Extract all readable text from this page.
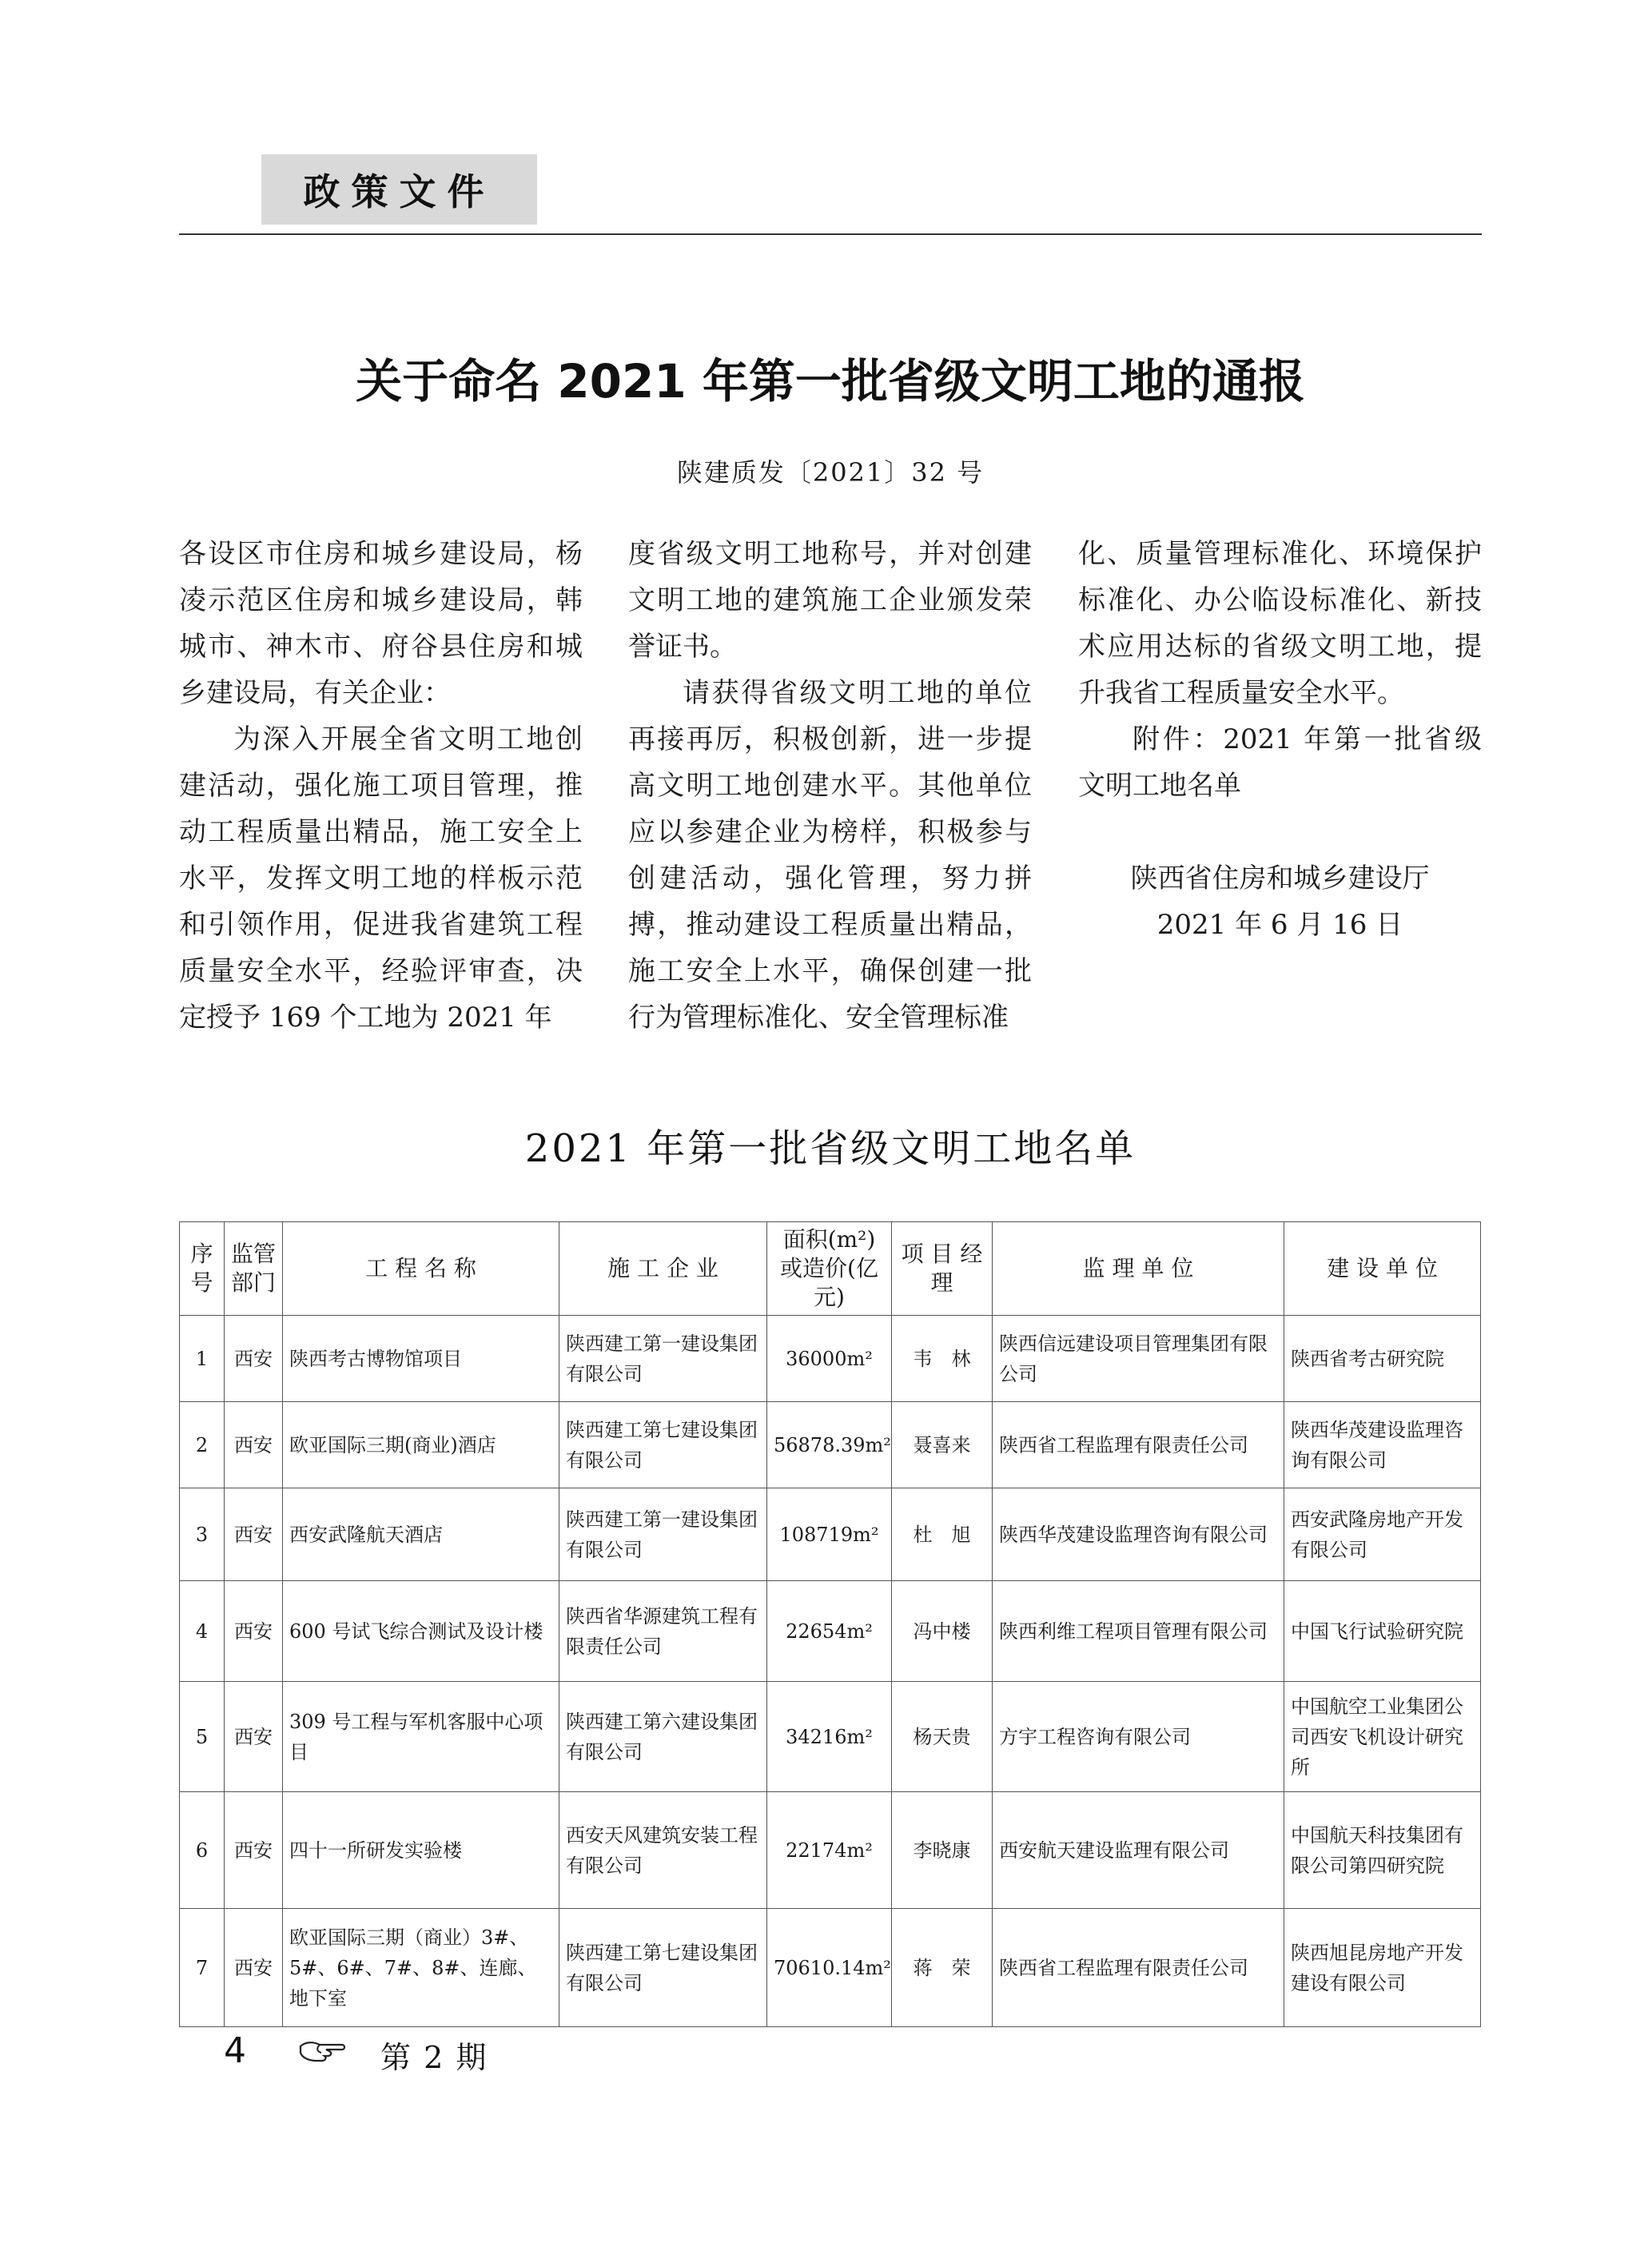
政策文件
关于命名 2021 年第一批省级文明工地的通报
陕建质发〔2021〕32 号

各设区市住房和城乡建设局，杨凌示范区住房和城乡建设局，韩城市、神木市、府谷县住房和城乡建设局，有关企业：

为深入开展全省文明工地创建活动，强化施工项目管理，推动工程质量出精品，施工安全上水平，发挥文明工地的样板示范和引领作用，促进我省建筑工程质量安全水平，经验评审查，决定授予 169 个工地为 2021 年

度省级文明工地称号，并对创建文明工地的建筑施工企业颁发荣誉证书。

请获得省级文明工地的单位再接再厉，积极创新，进一步提高文明工地创建水平。其他单位应以参建企业为榜样，积极参与创建活动，强化管理，努力拼搏，推动建设工程质量出精品，施工安全上水平，确保创建一批行为管理标准化、安全管理标准

化、质量管理标准化、环境保护标准化、办公临设标准化、新技术应用达标的省级文明工地，提升我省工程质量安全水平。

附件：2021 年第一批省级文明工地名单

陕西省住房和城乡建设厅

2021 年 6 月 16 日

2021 年第一批省级文明工地名单
序号	监管部门	工 程 名 称	施 工 企 业	面积(m²)或造价(亿元)	项 目 经 理	监 理 单 位	建 设 单 位
1	西安	陕西考古博物馆项目	陕西建工第一建设集团有限公司	36000m²	韦　林	陕西信远建设项目管理集团有限公司	陕西省考古研究院
2	西安	欧亚国际三期(商业)酒店	陕西建工第七建设集团有限公司	56878.39m²	聂喜来	陕西省工程监理有限责任公司	陕西华茂建设监理咨询有限公司
3	西安	西安武隆航天酒店	陕西建工第一建设集团有限公司	108719m²	杜　旭	陕西华茂建设监理咨询有限公司	西安武隆房地产开发有限公司
4	西安	600 号试飞综合测试及设计楼	陕西省华源建筑工程有限责任公司	22654m²	冯中楼	陕西利维工程项目管理有限公司	中国飞行试验研究院
5	西安	309 号工程与军机客服中心项目	陕西建工第六建设集团有限公司	34216m²	杨天贵	方宇工程咨询有限公司	中国航空工业集团公司西安飞机设计研究所
6	西安	四十一所研发实验楼	西安天风建筑安装工程有限公司	22174m²	李晓康	西安航天建设监理有限公司	中国航天科技集团有限公司第四研究院
7	西安	欧亚国际三期（商业）3#、5#、6#、7#、8#、连廊、地下室	陕西建工第七建设集团有限公司	70610.14m²	蒋　荣	陕西省工程监理有限责任公司	陕西旭昆房地产开发建设有限公司
4	第 2 期
